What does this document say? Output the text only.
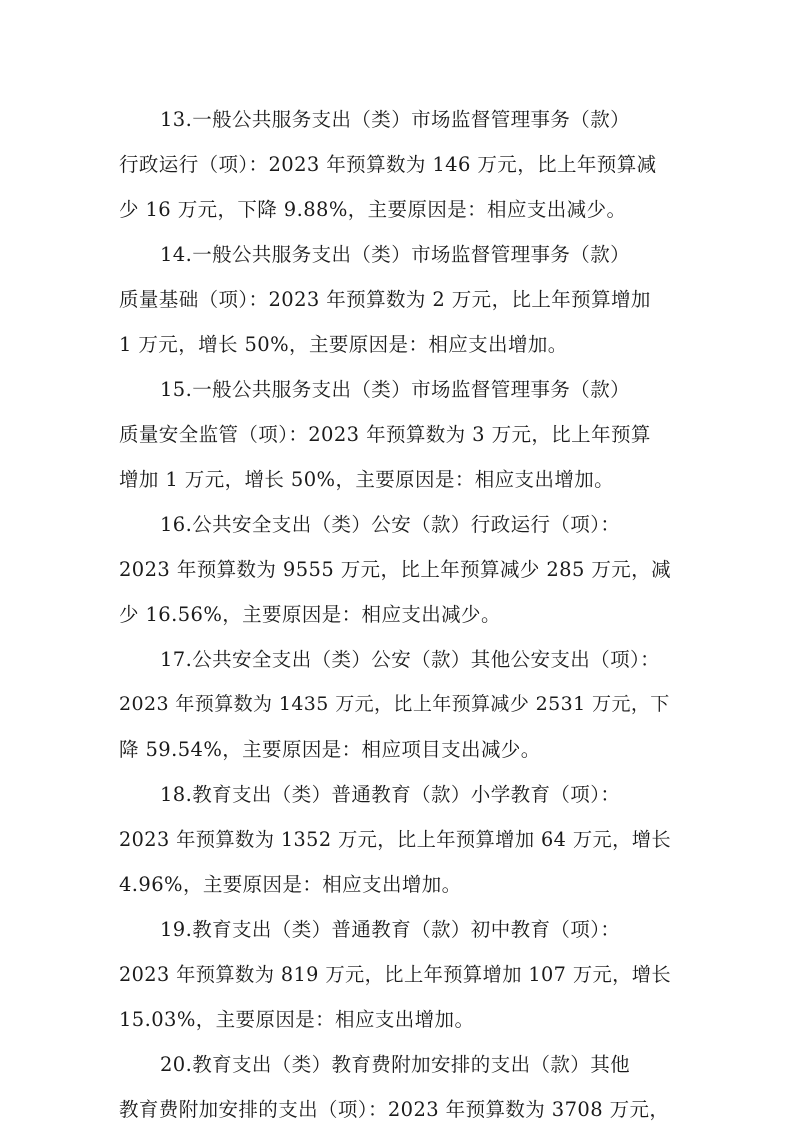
13.一般公共服务支出（类）市场监督管理事务（款）
行政运行（项）：2023 年预算数为 146 万元，比上年预算减
少 16 万元，下降 9.88%，主要原因是：相应支出减少。

14.一般公共服务支出（类）市场监督管理事务（款）
质量基础（项）：2023 年预算数为 2 万元，比上年预算增加
1 万元，增长 50%，主要原因是：相应支出增加。

15.一般公共服务支出（类）市场监督管理事务（款）
质量安全监管（项）：2023 年预算数为 3 万元，比上年预算
增加 1 万元，增长 50%，主要原因是：相应支出增加。

16.公共安全支出（类）公安（款）行政运行（项）：
2023 年预算数为 9555 万元，比上年预算减少 285 万元，减
少 16.56%，主要原因是：相应支出减少。

17.公共安全支出（类）公安（款）其他公安支出（项）：
2023 年预算数为 1435 万元，比上年预算减少 2531 万元，下
降 59.54%，主要原因是：相应项目支出减少。

18.教育支出（类）普通教育（款）小学教育（项）：
2023 年预算数为 1352 万元，比上年预算增加 64 万元，增长
4.96%，主要原因是：相应支出增加。

19.教育支出（类）普通教育（款）初中教育（项）：
2023 年预算数为 819 万元，比上年预算增加 107 万元，增长
15.03%，主要原因是：相应支出增加。

20.教育支出（类）教育费附加安排的支出（款）其他
教育费附加安排的支出（项）：2023 年预算数为 3708 万元，
